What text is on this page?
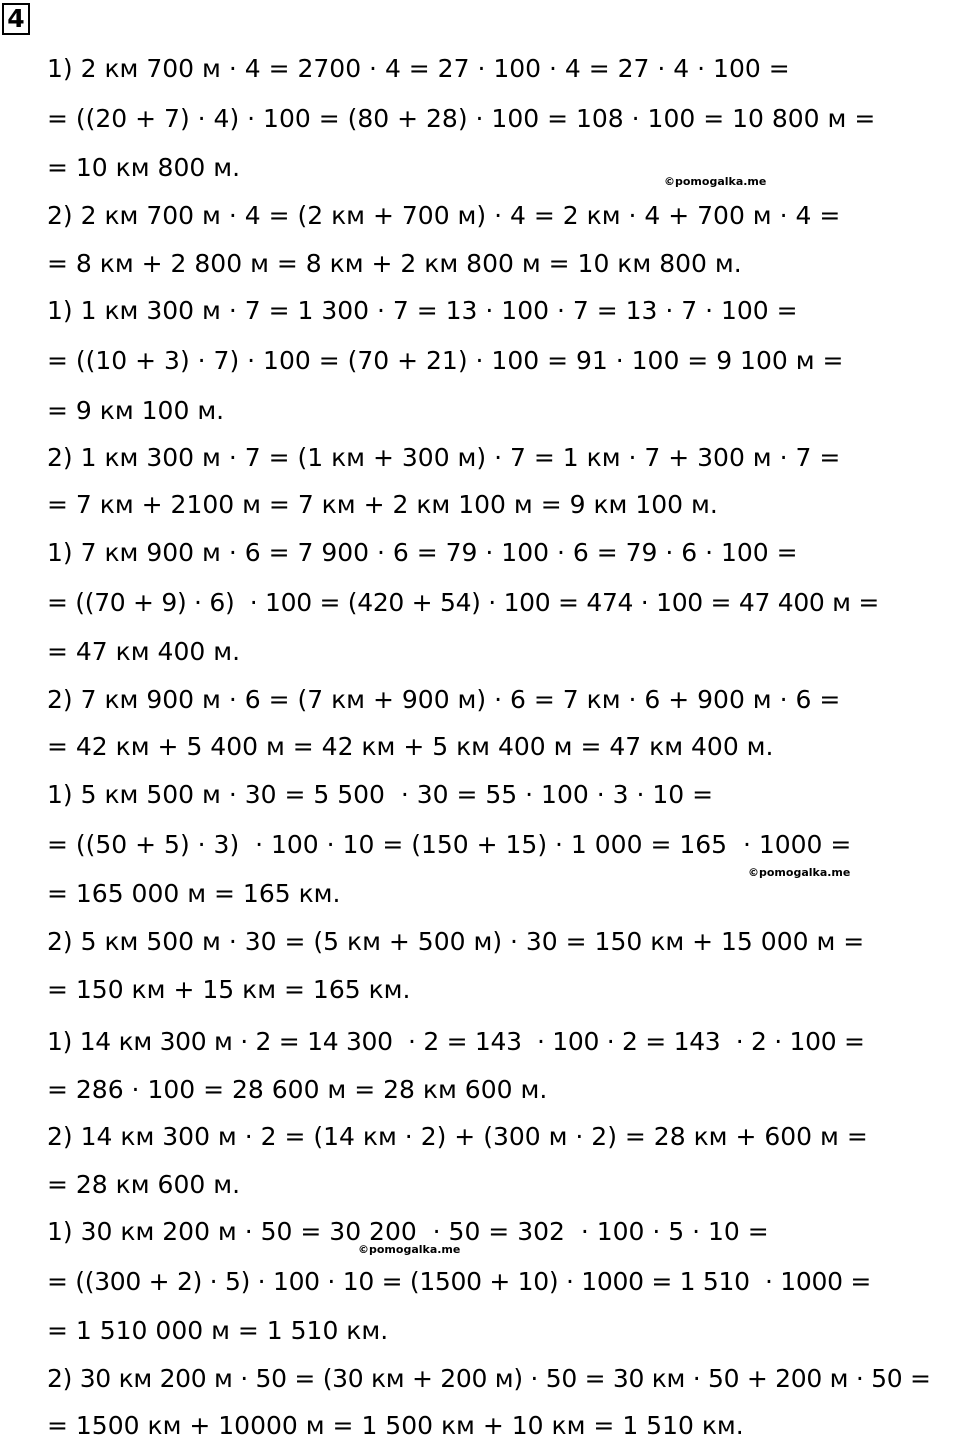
4
1) 2 км 700 м · 4 = 2700 · 4 = 27 · 100 · 4 = 27 · 4 · 100 =
= ((20 + 7) · 4) · 100 = (80 + 28) · 100 = 108 · 100 = 10 800 м =
= 10 км 800 м.
2) 2 км 700 м · 4 = (2 км + 700 м) · 4 = 2 км · 4 + 700 м · 4 =
= 8 км + 2 800 м = 8 км + 2 км 800 м = 10 км 800 м.
1) 1 км 300 м · 7 = 1 300 · 7 = 13 · 100 · 7 = 13 · 7 · 100 =
= ((10 + 3) · 7) · 100 = (70 + 21) · 100 = 91 · 100 = 9 100 м =
= 9 км 100 м.
2) 1 км 300 м · 7 = (1 км + 300 м) · 7 = 1 км · 7 + 300 м · 7 =
= 7 км + 2100 м = 7 км + 2 км 100 м = 9 км 100 м.
1) 7 км 900 м · 6 = 7 900 · 6 = 79 · 100 · 6 = 79 · 6 · 100 =
= ((70 + 9) · 6)  · 100 = (420 + 54) · 100 = 474 · 100 = 47 400 м =
= 47 км 400 м.
2) 7 км 900 м · 6 = (7 км + 900 м) · 6 = 7 км · 6 + 900 м · 6 =
= 42 км + 5 400 м = 42 км + 5 км 400 м = 47 км 400 м.
1) 5 км 500 м · 30 = 5 500  · 30 = 55 · 100 · 3 · 10 =
= ((50 + 5) · 3)  · 100 · 10 = (150 + 15) · 1 000 = 165  · 1000 =
= 165 000 м = 165 км.
2) 5 км 500 м · 30 = (5 км + 500 м) · 30 = 150 км + 15 000 м =
= 150 км + 15 км = 165 км.
1) 14 км 300 м · 2 = 14 300  · 2 = 143  · 100 · 2 = 143  · 2 · 100 =
= 286 · 100 = 28 600 м = 28 км 600 м.
2) 14 км 300 м · 2 = (14 км · 2) + (300 м · 2) = 28 км + 600 м =
= 28 км 600 м.
1) 30 км 200 м · 50 = 30 200  · 50 = 302  · 100 · 5 · 10 =
= ((300 + 2) · 5) · 100 · 10 = (1500 + 10) · 1000 = 1 510  · 1000 =
= 1 510 000 м = 1 510 км.
2) 30 км 200 м · 50 = (30 км + 200 м) · 50 = 30 км · 50 + 200 м · 50 =
= 1500 км + 10000 м = 1 500 км + 10 км = 1 510 км.
©pomogalka.me
©pomogalka.me
©pomogalka.me
